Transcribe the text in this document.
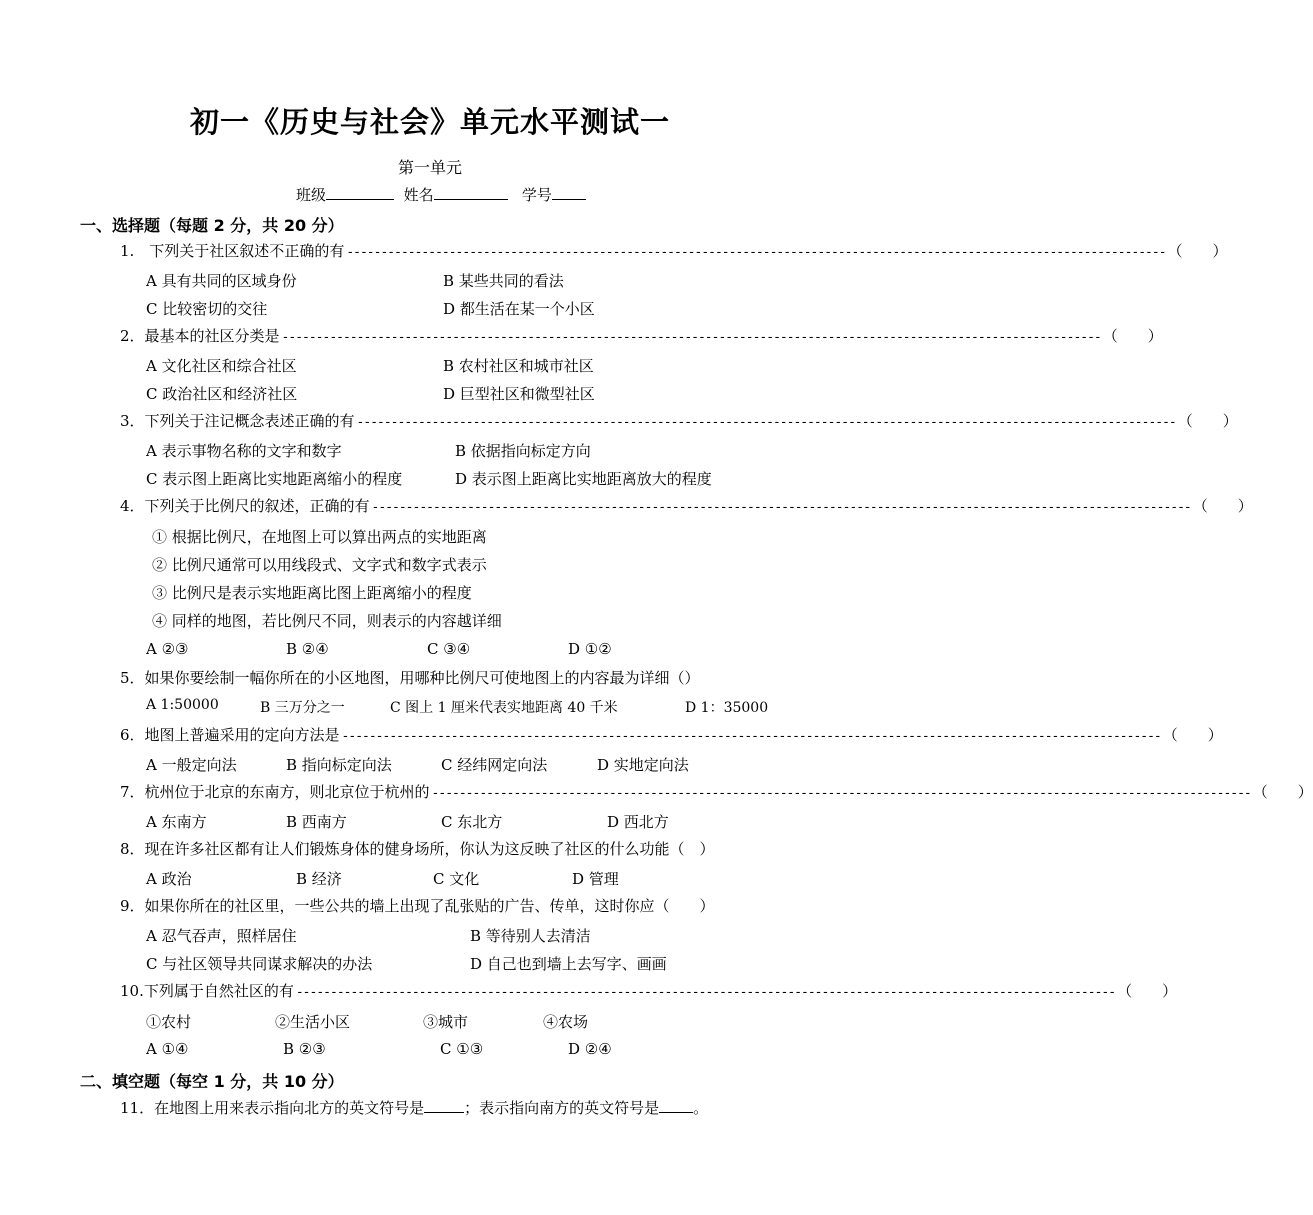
初一《历史与社会》单元水平测试一
第一单元
班级	姓名	学号
一、选择题（每题 2 分，共 20 分）
1.　下列关于社区叙述不正确的有 ------------------------------------------------------------------------------------------------------------------------ （　　）
A 具有共同的区域身份	B 某些共同的看法
C 比较密切的交往	D 都生活在某一个小区
2．最基本的社区分类是 ------------------------------------------------------------------------------------------------------------------------ （　　）
A 文化社区和综合社区	B 农村社区和城市社区
C 政治社区和经济社区	D 巨型社区和微型社区
3．下列关于注记概念表述正确的有 ------------------------------------------------------------------------------------------------------------------------ （　　）
A 表示事物名称的文字和数字	B 依据指向标定方向
C 表示图上距离比实地距离缩小的程度	D 表示图上距离比实地距离放大的程度
4．下列关于比例尺的叙述，正确的有 ------------------------------------------------------------------------------------------------------------------------ （　　）
① 根据比例尺，在地图上可以算出两点的实地距离
② 比例尺通常可以用线段式、文字式和数字式表示
③ 比例尺是表示实地距离比图上距离缩小的程度
④ 同样的地图，若比例尺不同，则表示的内容越详细
A ②③	B ②④	C ③④	D ①②
5．如果你要绘制一幅你所在的小区地图，用哪种比例尺可使地图上的内容最为详细（）
A 1:50000	B 三万分之一	C 图上 1 厘米代表实地距离 40 千米	D 1：35000
6．地图上普遍采用的定向方法是 ------------------------------------------------------------------------------------------------------------------------ （　　）
A 一般定向法	B 指向标定向法	C 经纬网定向法	D 实地定向法
7．杭州位于北京的东南方，则北京位于杭州的 ------------------------------------------------------------------------------------------------------------------------ （　　）
A 东南方	B 西南方	C 东北方	D 西北方
8．现在许多社区都有让人们锻炼身体的健身场所，你认为这反映了社区的什么功能（　）
A 政治	B 经济	C 文化	D 管理
9．如果你所在的社区里，一些公共的墙上出现了乱张贴的广告、传单，这时你应（　　）
A 忍气吞声，照样居住	B 等待别人去清洁
C 与社区领导共同谋求解决的办法	D 自己也到墙上去写字、画画
10.下列属于自然社区的有 ------------------------------------------------------------------------------------------------------------------------ （　　）
①农村	②生活小区	③城市	④农场
A ①④	B ②③	C ①③	D ②④
二、填空题（每空 1 分，共 10 分）
11．在地图上用来表示指向北方的英文符号是	；表示指向南方的英文符号是 。
